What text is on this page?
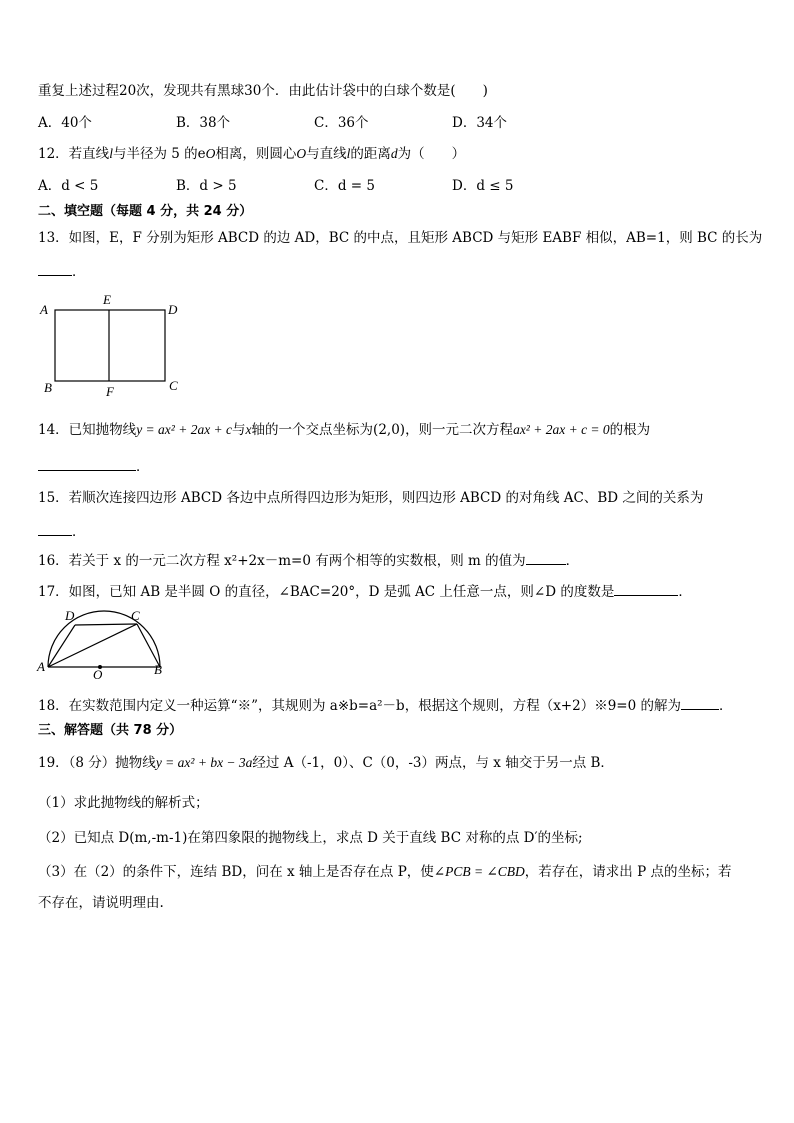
重复上述过程20次，发现共有黑球30个．由此估计袋中的白球个数是(　　)
A．40个	B．38个	C．36个	D．34个
12．若直线l与半径为 5 的eO相离，则圆心O与直线l的距离d为（　　）
A．d < 5	B．d > 5	C．d = 5	D．d ≤ 5
二、填空题（每题 4 分，共 24 分）
13．如图，E，F 分别为矩形 ABCD 的边 AD，BC 的中点，且矩形 ABCD 与矩形 EABF 相似，AB=1，则 BC 的长为
．
A
E
D
B	F	C
14．已知抛物线y = ax² + 2ax + c与x轴的一个交点坐标为(2,0)，则一元二次方程ax² + 2ax + c = 0的根为
．
15．若顺次连接四边形 ABCD 各边中点所得四边形为矩形，则四边形 ABCD 的对角线 AC、BD 之间的关系为
．
16．若关于 x 的一元二次方程 x²+2x－m=0 有两个相等的实数根，则 m 的值为	．
17．如图，已知 AB 是半圆 O 的直径，∠BAC=20°，D 是弧 AC 上任意一点，则∠D 的度数是	．
D	C
A
O	B
18．在实数范围内定义一种运算“※”，其规则为 a※b=a²－b，根据这个规则，方程（x+2）※9=0 的解为	．
三、解答题（共 78 分）
19．（8 分）抛物线y = ax² + bx − 3a经过 A（-1，0）、C（0，-3）两点，与 x 轴交于另一点 B．
（1）求此抛物线的解析式；
（2）已知点 D(m,-m-1)在第四象限的抛物线上，求点 D 关于直线 BC 对称的点 D′的坐标;
（3）在（2）的条件下，连结 BD，问在 x 轴上是否存在点 P，使∠PCB = ∠CBD，若存在，请求出 P 点的坐标；若
不存在，请说明理由.
